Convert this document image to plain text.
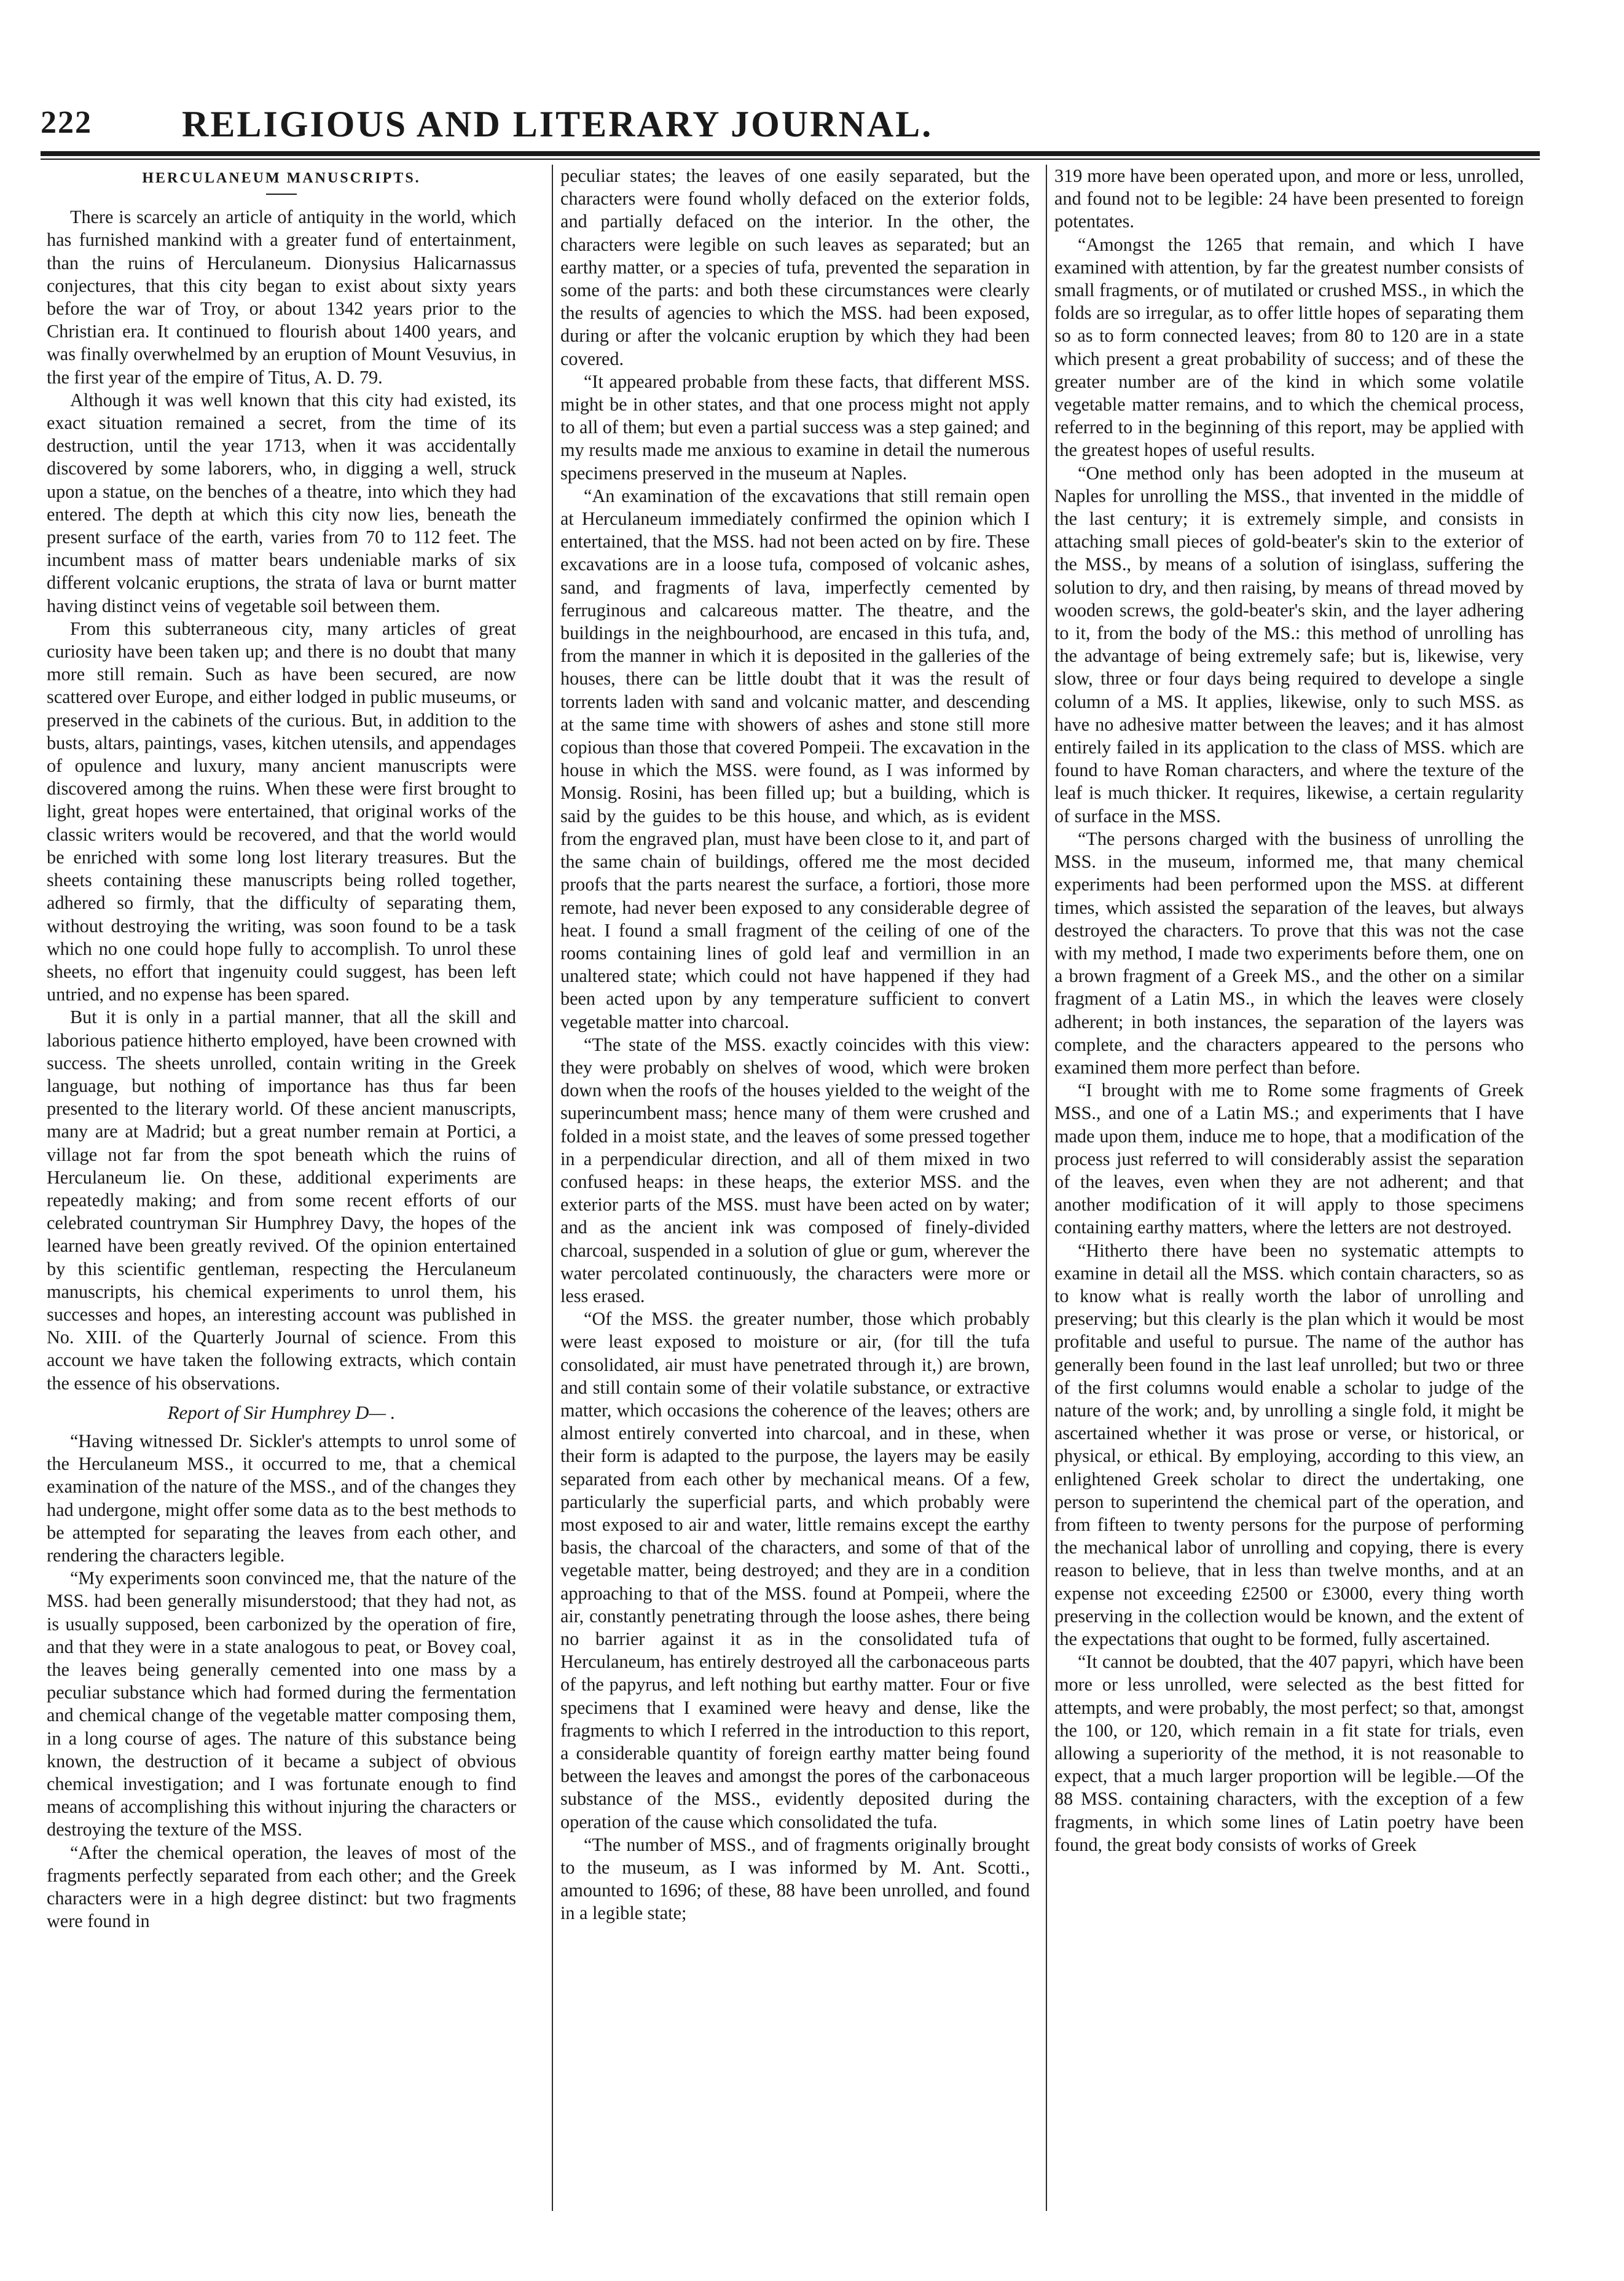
222 RELIGIOUS AND LITERARY JOURNAL.
HERCULANEUM MANUSCRIPTS.

There is scarcely an article of antiquity in the world, which has furnished mankind with a greater fund of entertainment, than the ruins of Herculaneum. Dionysius Halicarnassus conjectures, that this city began to exist about sixty years before the war of Troy, or about 1342 years prior to the Christian era. It continued to flourish about 1400 years, and was finally overwhelmed by an eruption of Mount Vesuvius, in the first year of the empire of Titus, A. D. 79.

Although it was well known that this city had existed, its exact situation remained a secret, from the time of its destruction, until the year 1713, when it was accidentally discovered by some laborers, who, in digging a well, struck upon a statue, on the benches of a theatre, into which they had entered. The depth at which this city now lies, beneath the present surface of the earth, varies from 70 to 112 feet. The incumbent mass of matter bears undeniable marks of six different volcanic eruptions, the strata of lava or burnt matter having distinct veins of vegetable soil between them.

From this subterraneous city, many articles of great curiosity have been taken up; and there is no doubt that many more still remain. Such as have been secured, are now scattered over Europe, and either lodged in public museums, or preserved in the cabinets of the curious. But, in addition to the busts, altars, paintings, vases, kitchen utensils, and appendages of opulence and luxury, many ancient manuscripts were discovered among the ruins. When these were first brought to light, great hopes were entertained, that original works of the classic writers would be recovered, and that the world would be enriched with some long lost literary treasures. But the sheets containing these manuscripts being rolled together, adhered so firmly, that the difficulty of separating them, without destroying the writing, was soon found to be a task which no one could hope fully to accomplish. To unrol these sheets, no effort that ingenuity could suggest, has been left untried, and no expense has been spared.

But it is only in a partial manner, that all the skill and laborious patience hitherto employed, have been crowned with success. The sheets unrolled, contain writing in the Greek language, but nothing of importance has thus far been presented to the literary world. Of these ancient manuscripts, many are at Madrid; but a great number remain at Portici, a village not far from the spot beneath which the ruins of Herculaneum lie. On these, additional experiments are repeatedly making; and from some recent efforts of our celebrated countryman Sir Humphrey Davy, the hopes of the learned have been greatly revived. Of the opinion entertained by this scientific gentleman, respecting the Herculaneum manuscripts, his chemical experiments to unrol them, his successes and hopes, an interesting account was published in No. XIII. of the Quarterly Journal of science. From this account we have taken the following extracts, which contain the essence of his observations.

Report of Sir Humphrey D— .

“Having witnessed Dr. Sickler's attempts to unrol some of the Herculaneum MSS., it occurred to me, that a chemical examination of the nature of the MSS., and of the changes they had undergone, might offer some data as to the best methods to be attempted for separating the leaves from each other, and rendering the characters legible.

“My experiments soon convinced me, that the nature of the MSS. had been generally misunderstood; that they had not, as is usually supposed, been carbonized by the operation of fire, and that they were in a state analogous to peat, or Bovey coal, the leaves being generally cemented into one mass by a peculiar substance which had formed during the fermentation and chemical change of the vegetable matter composing them, in a long course of ages. The nature of this substance being known, the destruction of it became a subject of obvious chemical investigation; and I was fortunate enough to find means of accomplishing this without injuring the characters or destroying the texture of the MSS.

“After the chemical operation, the leaves of most of the fragments perfectly separated from each other; and the Greek characters were in a high degree distinct: but two fragments were found in

peculiar states; the leaves of one easily separated, but the characters were found wholly defaced on the exterior folds, and partially defaced on the interior. In the other, the characters were legible on such leaves as separated; but an earthy matter, or a species of tufa, prevented the separation in some of the parts: and both these circumstances were clearly the results of agencies to which the MSS. had been exposed, during or after the volcanic eruption by which they had been covered.

“It appeared probable from these facts, that different MSS. might be in other states, and that one process might not apply to all of them; but even a partial success was a step gained; and my results made me anxious to examine in detail the numerous specimens preserved in the museum at Naples.

“An examination of the excavations that still remain open at Herculaneum immediately confirmed the opinion which I entertained, that the MSS. had not been acted on by fire. These excavations are in a loose tufa, composed of volcanic ashes, sand, and fragments of lava, imperfectly cemented by ferruginous and calcareous matter. The theatre, and the buildings in the neighbourhood, are encased in this tufa, and, from the manner in which it is deposited in the galleries of the houses, there can be little doubt that it was the result of torrents laden with sand and volcanic matter, and descending at the same time with showers of ashes and stone still more copious than those that covered Pompeii. The excavation in the house in which the MSS. were found, as I was informed by Monsig. Rosini, has been filled up; but a building, which is said by the guides to be this house, and which, as is evident from the engraved plan, must have been close to it, and part of the same chain of buildings, offered me the most decided proofs that the parts nearest the surface, a fortiori, those more remote, had never been exposed to any considerable degree of heat. I found a small fragment of the ceiling of one of the rooms containing lines of gold leaf and vermillion in an unaltered state; which could not have happened if they had been acted upon by any temperature sufficient to convert vegetable matter into charcoal.

“The state of the MSS. exactly coincides with this view: they were probably on shelves of wood, which were broken down when the roofs of the houses yielded to the weight of the superincumbent mass; hence many of them were crushed and folded in a moist state, and the leaves of some pressed together in a perpendicular direction, and all of them mixed in two confused heaps: in these heaps, the exterior MSS. and the exterior parts of the MSS. must have been acted on by water; and as the ancient ink was composed of finely-divided charcoal, suspended in a solution of glue or gum, wherever the water percolated continuously, the characters were more or less erased.

“Of the MSS. the greater number, those which probably were least exposed to moisture or air, (for till the tufa consolidated, air must have penetrated through it,) are brown, and still contain some of their volatile substance, or extractive matter, which occasions the coherence of the leaves; others are almost entirely converted into charcoal, and in these, when their form is adapted to the purpose, the layers may be easily separated from each other by mechanical means. Of a few, particularly the superficial parts, and which probably were most exposed to air and water, little remains except the earthy basis, the charcoal of the characters, and some of that of the vegetable matter, being destroyed; and they are in a condition approaching to that of the MSS. found at Pompeii, where the air, constantly penetrating through the loose ashes, there being no barrier against it as in the consolidated tufa of Herculaneum, has entirely destroyed all the carbonaceous parts of the papyrus, and left nothing but earthy matter. Four or five specimens that I examined were heavy and dense, like the fragments to which I referred in the introduction to this report, a considerable quantity of foreign earthy matter being found between the leaves and amongst the pores of the carbonaceous substance of the MSS., evidently deposited during the operation of the cause which consolidated the tufa.

“The number of MSS., and of fragments originally brought to the museum, as I was informed by M. Ant. Scotti., amounted to 1696; of these, 88 have been unrolled, and found in a legible state;

319 more have been operated upon, and more or less, unrolled, and found not to be legible: 24 have been presented to foreign potentates.

“Amongst the 1265 that remain, and which I have examined with attention, by far the greatest number consists of small fragments, or of mutilated or crushed MSS., in which the folds are so irregular, as to offer little hopes of separating them so as to form connected leaves; from 80 to 120 are in a state which present a great probability of success; and of these the greater number are of the kind in which some volatile vegetable matter remains, and to which the chemical process, referred to in the beginning of this report, may be applied with the greatest hopes of useful results.

“One method only has been adopted in the museum at Naples for unrolling the MSS., that invented in the middle of the last century; it is extremely simple, and consists in attaching small pieces of gold-beater's skin to the exterior of the MSS., by means of a solution of isinglass, suffering the solution to dry, and then raising, by means of thread moved by wooden screws, the gold-beater's skin, and the layer adhering to it, from the body of the MS.: this method of unrolling has the advantage of being extremely safe; but is, likewise, very slow, three or four days being required to develope a single column of a MS. It applies, likewise, only to such MSS. as have no adhesive matter between the leaves; and it has almost entirely failed in its application to the class of MSS. which are found to have Roman characters, and where the texture of the leaf is much thicker. It requires, likewise, a certain regularity of surface in the MSS.

“The persons charged with the business of unrolling the MSS. in the museum, informed me, that many chemical experiments had been performed upon the MSS. at different times, which assisted the separation of the leaves, but always destroyed the characters. To prove that this was not the case with my method, I made two experiments before them, one on a brown fragment of a Greek MS., and the other on a similar fragment of a Latin MS., in which the leaves were closely adherent; in both instances, the separation of the layers was complete, and the characters appeared to the persons who examined them more perfect than before.

“I brought with me to Rome some fragments of Greek MSS., and one of a Latin MS.; and experiments that I have made upon them, induce me to hope, that a modification of the process just referred to will considerably assist the separation of the leaves, even when they are not adherent; and that another modification of it will apply to those specimens containing earthy matters, where the letters are not destroyed.

“Hitherto there have been no systematic attempts to examine in detail all the MSS. which contain characters, so as to know what is really worth the labor of unrolling and preserving; but this clearly is the plan which it would be most profitable and useful to pursue. The name of the author has generally been found in the last leaf unrolled; but two or three of the first columns would enable a scholar to judge of the nature of the work; and, by unrolling a single fold, it might be ascertained whether it was prose or verse, or historical, or physical, or ethical. By employing, according to this view, an enlightened Greek scholar to direct the undertaking, one person to superintend the chemical part of the operation, and from fifteen to twenty persons for the purpose of performing the mechanical labor of unrolling and copying, there is every reason to believe, that in less than twelve months, and at an expense not exceeding £2500 or £3000, every thing worth preserving in the collection would be known, and the extent of the expectations that ought to be formed, fully ascertained.

“It cannot be doubted, that the 407 papyri, which have been more or less unrolled, were selected as the best fitted for attempts, and were probably, the most perfect; so that, amongst the 100, or 120, which remain in a fit state for trials, even allowing a superiority of the method, it is not reasonable to expect, that a much larger proportion will be legible.—Of the 88 MSS. containing characters, with the exception of a few fragments, in which some lines of Latin poetry have been found, the great body consists of works of Greek
